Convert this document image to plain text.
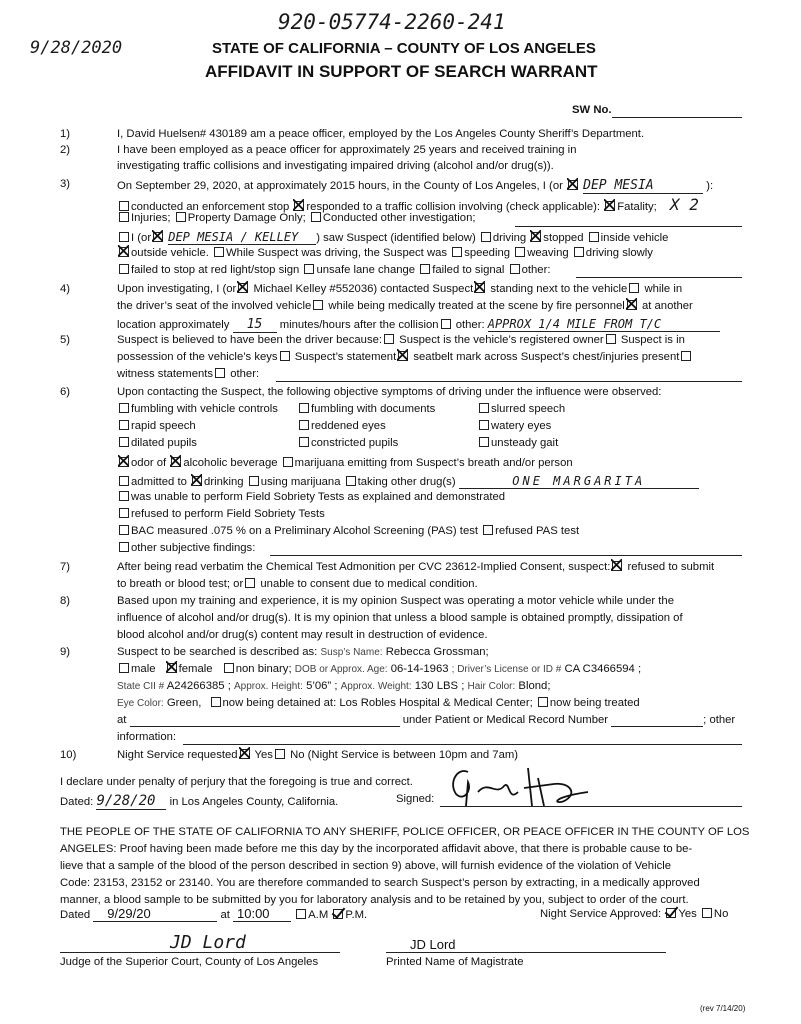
920-05774-2260-241
9/28/2020	STATE OF CALIFORNIA – COUNTY OF LOS ANGELES
AFFIDAVIT IN SUPPORT OF SEARCH WARRANT
SW No.
1)	I, David Huelsen# 430189 am a peace officer, employed by the Los Angeles County Sheriff’s Department.
2)	I have been employed as a peace officer for approximately 25 years and received training in
investigating traffic collisions and investigating impaired driving (alcohol and/or drug(s)).
3)	On September 29, 2020, at approximately 2015 hours, in the County of Los Angeles, I (or DEP MESIA	):
conducted an enforcement stop responded to a traffic collision involving (check applicable): Fatality; X 2
Injuries; Property Damage Only; Conducted other investigation;
I (or DEP MESIA / KELLEY ) saw Suspect (identified below) driving stopped inside vehicle
outside vehicle. While Suspect was driving, the Suspect was speeding weaving driving slowly
failed to stop at red light/stop sign unsafe lane change failed to signal other:
4)	Upon investigating, I (or Michael Kelley #552036) contacted Suspect standing next to the vehicle while in
the driver’s seat of the involved vehicle while being medically treated at the scene by fire personnel at another
location approximately 15 minutes/hours after the collision other: APPROX 1/4 MILE FROM T/C
5)	Suspect is believed to have been the driver because: Suspect is the vehicle’s registered owner Suspect is in
possession of the vehicle’s keys Suspect’s statement seatbelt mark across Suspect’s chest/injuries present
witness statements other:
6)	Upon contacting the Suspect, the following objective symptoms of driving under the influence were observed:
fumbling with vehicle controls	fumbling with documents	slurred speech
rapid speech	reddened eyes	watery eyes
dilated pupils	constricted pupils	unsteady gait
odor of alcoholic beverage marijuana emitting from Suspect’s breath and/or person
admitted to drinking using marijuana taking other drug(s)	ONE MARGARITA
was unable to perform Field Sobriety Tests as explained and demonstrated
refused to perform Field Sobriety Tests
BAC measured .075 % on a Preliminary Alcohol Screening (PAS) test refused PAS test
other subjective findings:
7)	After being read verbatim the Chemical Test Admonition per CVC 23612-Implied Consent, suspect: refused to submit
to breath or blood test; or unable to consent due to medical condition.
8)	Based upon my training and experience, it is my opinion Suspect was operating a motor vehicle while under the
influence of alcohol and/or drug(s). It is my opinion that unless a blood sample is obtained promptly, dissipation of
blood alcohol and/or drug(s) content may result in destruction of evidence.
9)	Suspect to be searched is described as: Susp’s Name: Rebecca Grossman;
male female non binary; DOB or Approx. Age: 06-14-1963 ; Driver’s License or ID # CA C3466594 ;
State CII # A24266385 ; Approx. Height: 5’06” ; Approx. Weight: 130 LBS ; Hair Color: Blond;
Eye Color: Green, now being detained at: Los Robles Hospital & Medical Center; now being treated
at	under Patient or Medical Record Number	; other
information:
10)	Night Service requested Yes No (Night Service is between 10pm and 7am)
I declare under penalty of perjury that the foregoing is true and correct.
Dated: 9/28/20 in Los Angeles County, California.	Signed:
THE PEOPLE OF THE STATE OF CALIFORNIA TO ANY SHERIFF, POLICE OFFICER, OR PEACE OFFICER IN THE COUNTY OF LOS
ANGELES: Proof having been made before me this day by the incorporated affidavit above, that there is probable cause to be-
lieve that a sample of the blood of the person described in section 9) above, will furnish evidence of the violation of Vehicle
Code: 23153, 23152 or 23140. You are therefore commanded to search Suspect’s person by extracting, in a medically approved
manner, a blood sample to be submitted by you for laboratory analysis and to be retained by you, subject to order of the court.
Dated 9/29/20	at 10:00	A.M P.M.	Night Service Approved: Yes No
JD Lord
Judge of the Superior Court, County of Los Angeles
JD Lord
Printed Name of Magistrate
(rev 7/14/20)
